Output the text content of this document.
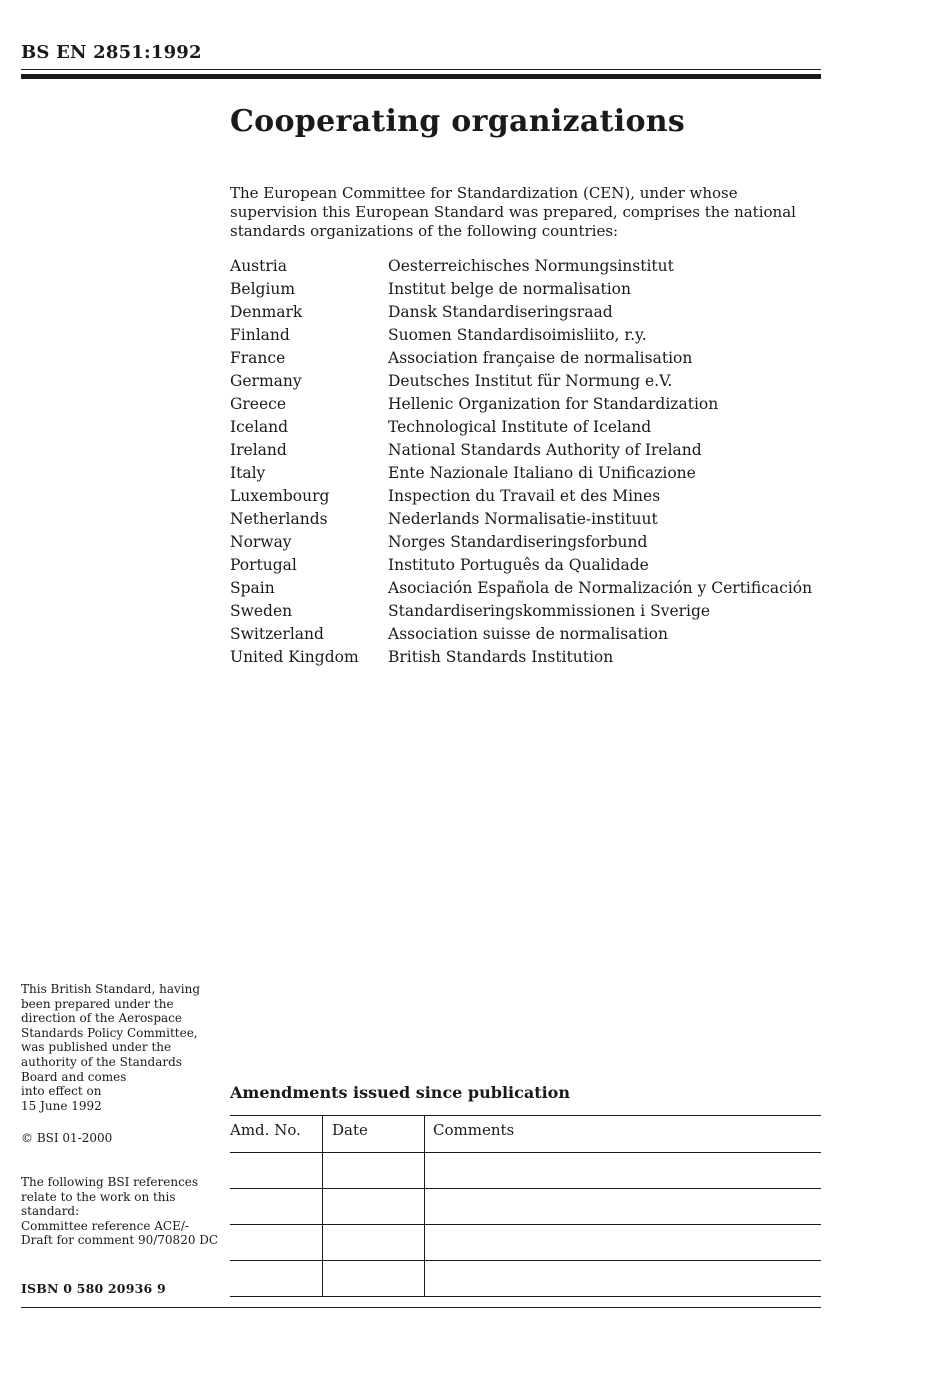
BS EN 2851:1992
Cooperating organizations
The European Committee for Standardization (CEN), under whose supervision this European Standard was prepared, comprises the national standards organizations of the following countries:
Austria	Oesterreichisches Normungsinstitut
Belgium	Institut belge de normalisation
Denmark	Dansk Standardiseringsraad
Finland	Suomen Standardisoimisliito, r.y.
France	Association française de normalisation
Germany	Deutsches Institut für Normung e.V.
Greece	Hellenic Organization for Standardization
Iceland	Technological Institute of Iceland
Ireland	National Standards Authority of Ireland
Italy	Ente Nazionale Italiano di Unificazione
Luxembourg	Inspection du Travail et des Mines
Netherlands	Nederlands Normalisatie-instituut
Norway	Norges Standardiseringsforbund
Portugal	Instituto Português da Qualidade
Spain	Asociación Española de Normalización y Certificación
Sweden	Standardiseringskommissionen i Sverige
Switzerland	Association suisse de normalisation
United Kingdom	British Standards Institution
This British Standard, having
been prepared under the
direction of the Aerospace
Standards Policy Committee,
was published under the
authority of the Standards
Board and comes
into effect on
15 June 1992
© BSI 01-2000
The following BSI references
relate to the work on this
standard:
Committee reference ACE/-
Draft for comment 90/70820 DC
ISBN 0 580 20936 9
Amendments issued since publication
Amd. No.	Date	Comments
